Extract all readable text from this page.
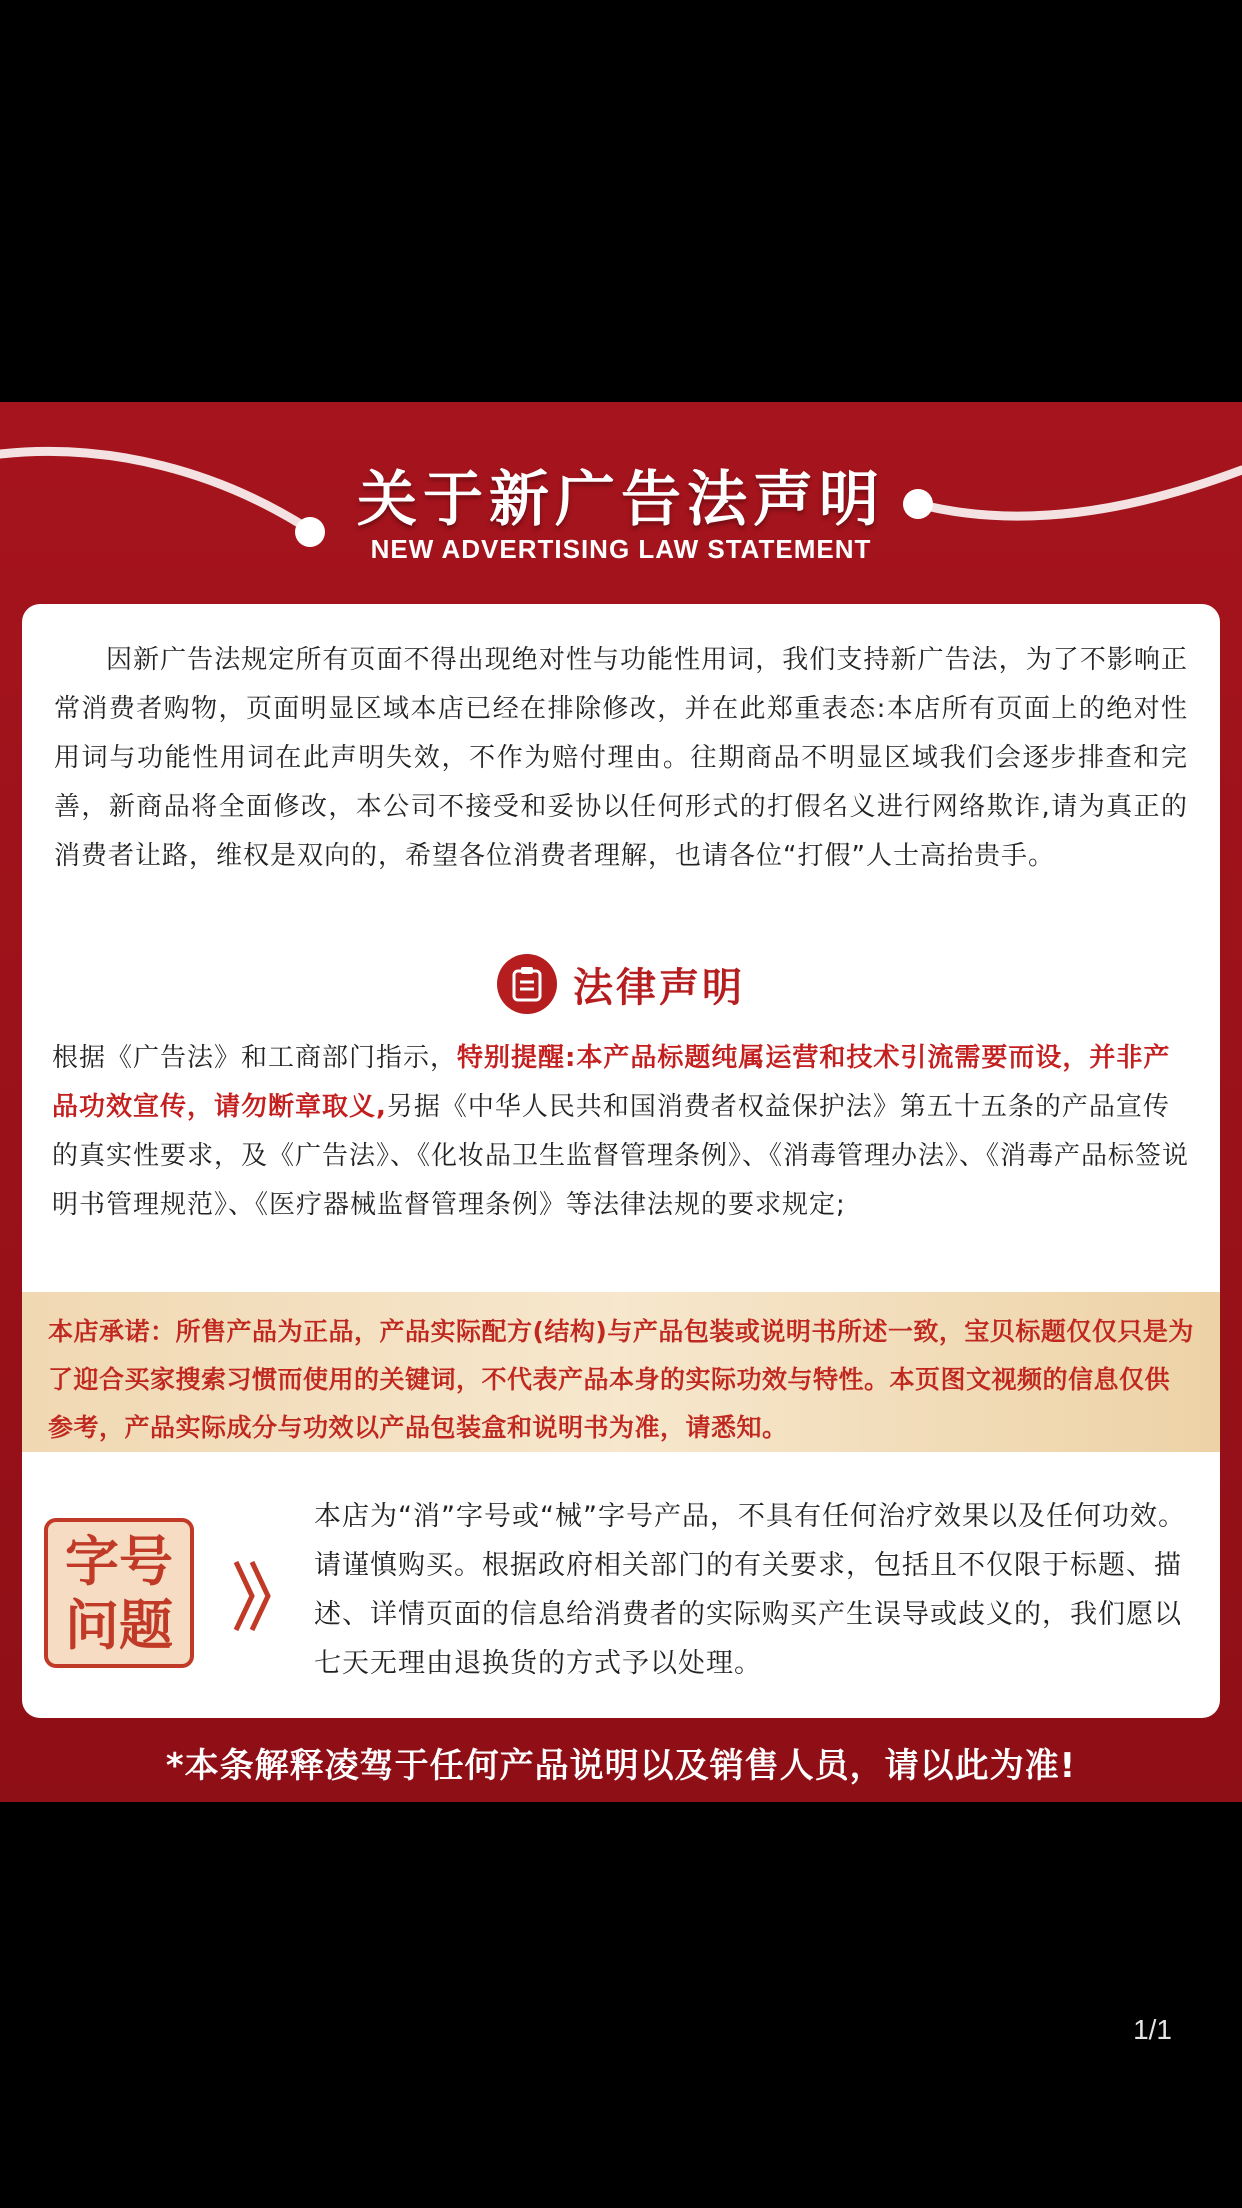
关于新广告法声明
NEW ADVERTISING LAW STATEMENT
因新广告法规定所有页面不得出现绝对性与功能性用词，我们支持新广告法，为了不影响正常消费者购物，页面明显区域本店已经在排除修改，并在此郑重表态:本店所有页面上的绝对性用词与功能性用词在此声明失效，不作为赔付理由。往期商品不明显区域我们会逐步排查和完善，新商品将全面修改，本公司不接受和妥协以任何形式的打假名义进行网络欺诈,请为真正的消费者让路，维权是双向的，希望各位消费者理解，也请各位“打假”人士高抬贵手。
法律声明
根据《广告法》和工商部门指示，特别提醒:本产品标题纯属运营和技术引流需要而设，并非产品功效宣传，请勿断章取义,另据《中华人民共和国消费者权益保护法》第五十五条的产品宣传的真实性要求，及《广告法》、《化妆品卫生监督管理条例》、《消毒管理办法》、《消毒产品标签说明书管理规范》、《医疗器械监督管理条例》等法律法规的要求规定;
本店承诺：所售产品为正品，产品实际配方(结构)与产品包装或说明书所述一致，宝贝标题仅仅只是为了迎合买家搜索习惯而使用的关键词，不代表产品本身的实际功效与特性。本页图文视频的信息仅供参考，产品实际成分与功效以产品包装盒和说明书为准，请悉知。
字号
问题
本店为“消”字号或“械”字号产品，不具有任何治疗效果以及任何功效。请谨慎购买。根据政府相关部门的有关要求，包括且不仅限于标题、描述、详情页面的信息给消费者的实际购买产生误导或歧义的，我们愿以七天无理由退换货的方式予以处理。
*本条解释凌驾于任何产品说明以及销售人员，请以此为准!
1/1
